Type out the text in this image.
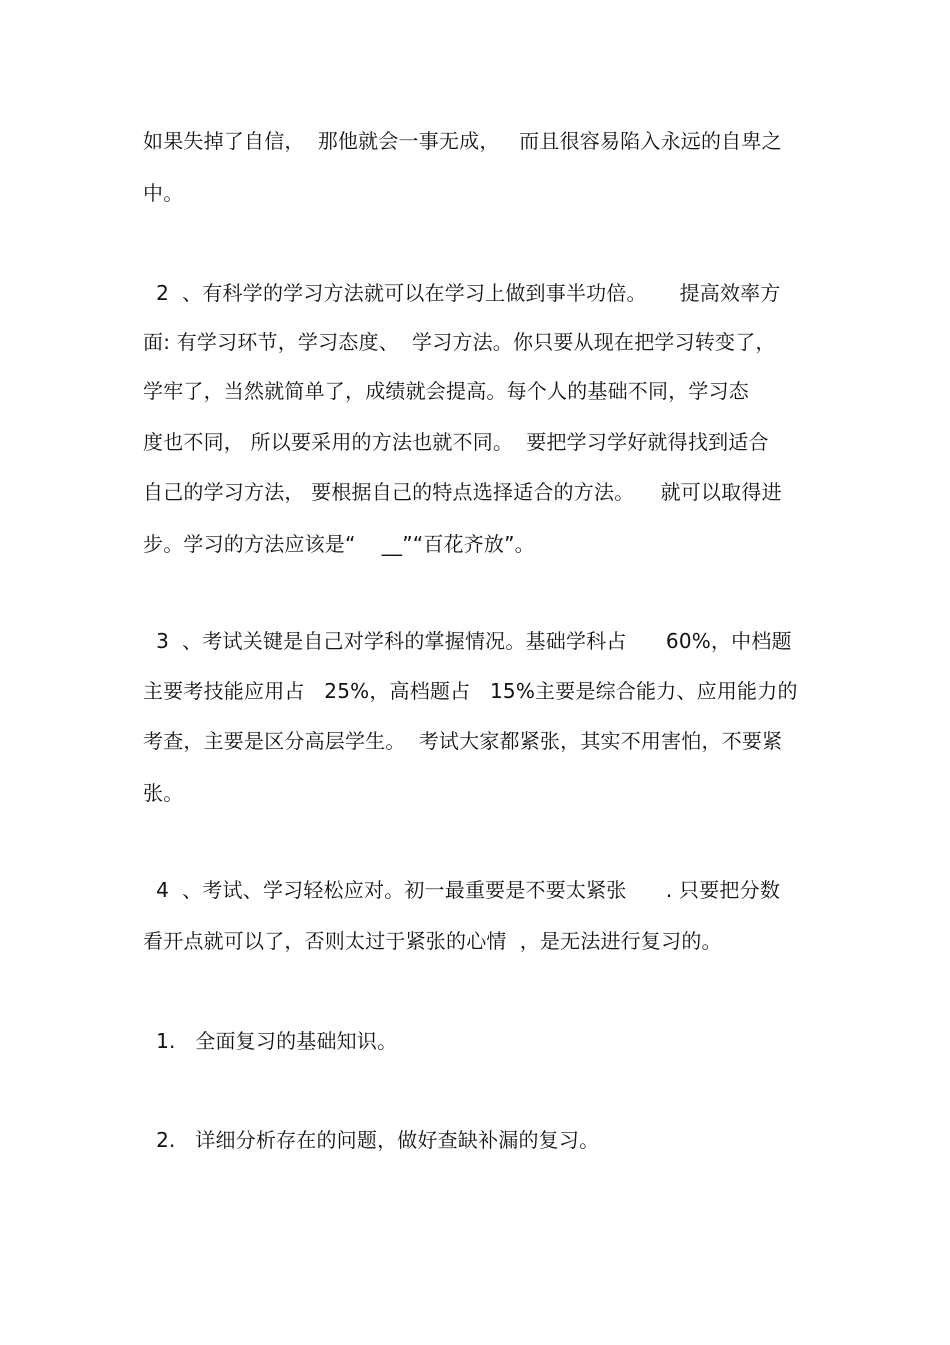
如果失掉了自信，  那他就会一事无成，   而且很容易陷入永远的自卑之
中。
2  、有科学的学习方法就可以在学习上做到事半功倍。     提高效率方
面: 有学习环节，学习态度、  学习方法。你只要从现在把学习转变了，
学牢了，当然就简单了，成绩就会提高。每个人的基础不同，学习态
度也不同， 所以要采用的方法也就不同。  要把学习学好就得找到适合
自己的学习方法， 要根据自己的特点选择适合的方法。    就可以取得进
步。学习的方法应该是“    __”“百花齐放”。
3  、考试关键是自己对学科的掌握情况。基础学科占      60%，中档题
主要考技能应用占   25%，高档题占   15%主要是综合能力、应用能力的
考查，主要是区分高层学生。  考试大家都紧张，其实不用害怕，不要紧
张。
4  、考试、学习轻松应对。初一最重要是不要太紧张      . 只要把分数
看开点就可以了，否则太过于紧张的心情  ，是无法进行复习的。
1.   全面复习的基础知识。
2.   详细分析存在的问题，做好查缺补漏的复习。
